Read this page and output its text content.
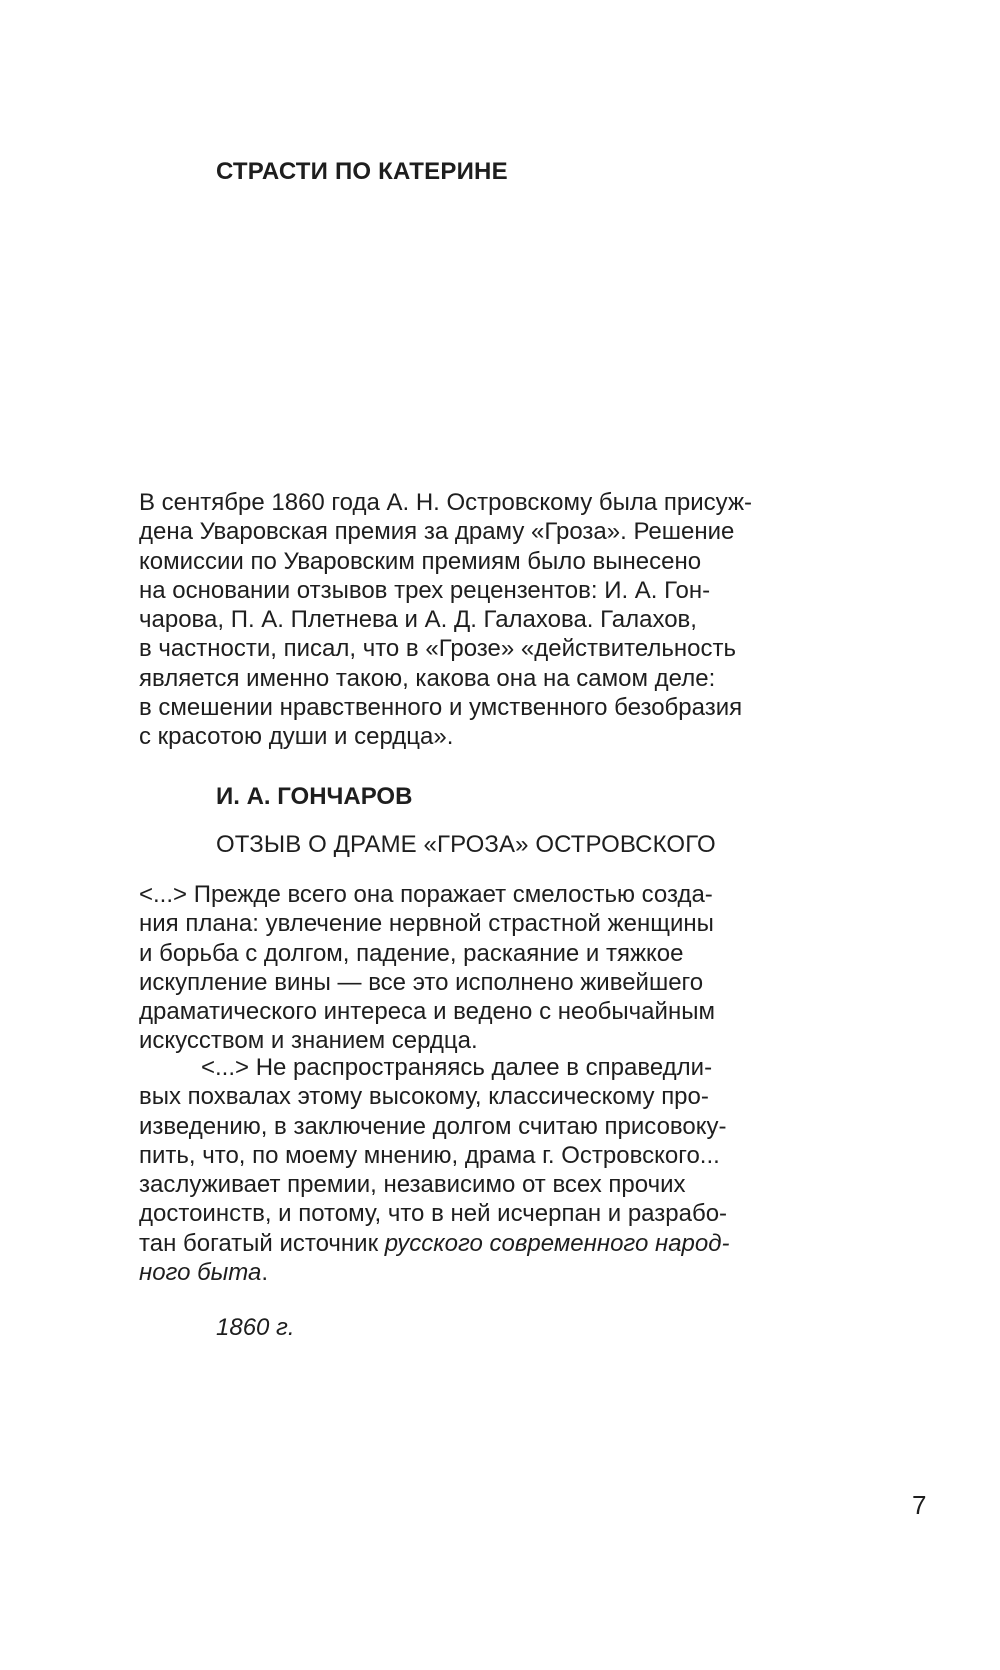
СТРАСТИ ПО КАТЕРИНЕ
В сентябре 1860 года А. Н. Островскому была присуж-
дена Уваровская премия за драму «Гроза». Решение
комиссии по Уваровским премиям было вынесено
на основании отзывов трех рецензентов: И. А. Гон-
чарова, П. А. Плетнева и А. Д. Галахова. Галахов,
в частности, писал, что в «Грозе» «действительность
является именно такою, какова она на самом деле:
в смешении нравственного и умственного безобразия
с красотою души и сердца».
И. А. ГОНЧАРОВ
ОТЗЫВ О ДРАМЕ «ГРОЗА» ОСТРОВСКОГО
<...> Прежде всего она поражает смелостью созда-
ния плана: увлечение нервной страстной женщины
и борьба с долгом, падение, раскаяние и тяжкое
искупление вины — все это исполнено живейшего
драматического интереса и ведено с необычайным
искусством и знанием сердца.
<...> Не распространяясь далее в справедли-
вых похвалах этому высокому, классическому про-
изведению, в заключение долгом считаю присовоку-
пить, что, по моему мнению, драма г. Островского...
заслуживает премии, независимо от всех прочих
достоинств, и потому, что в ней исчерпан и разрабо-
тан богатый источник русского современного народ-
ного быта.
1860 г.
7
